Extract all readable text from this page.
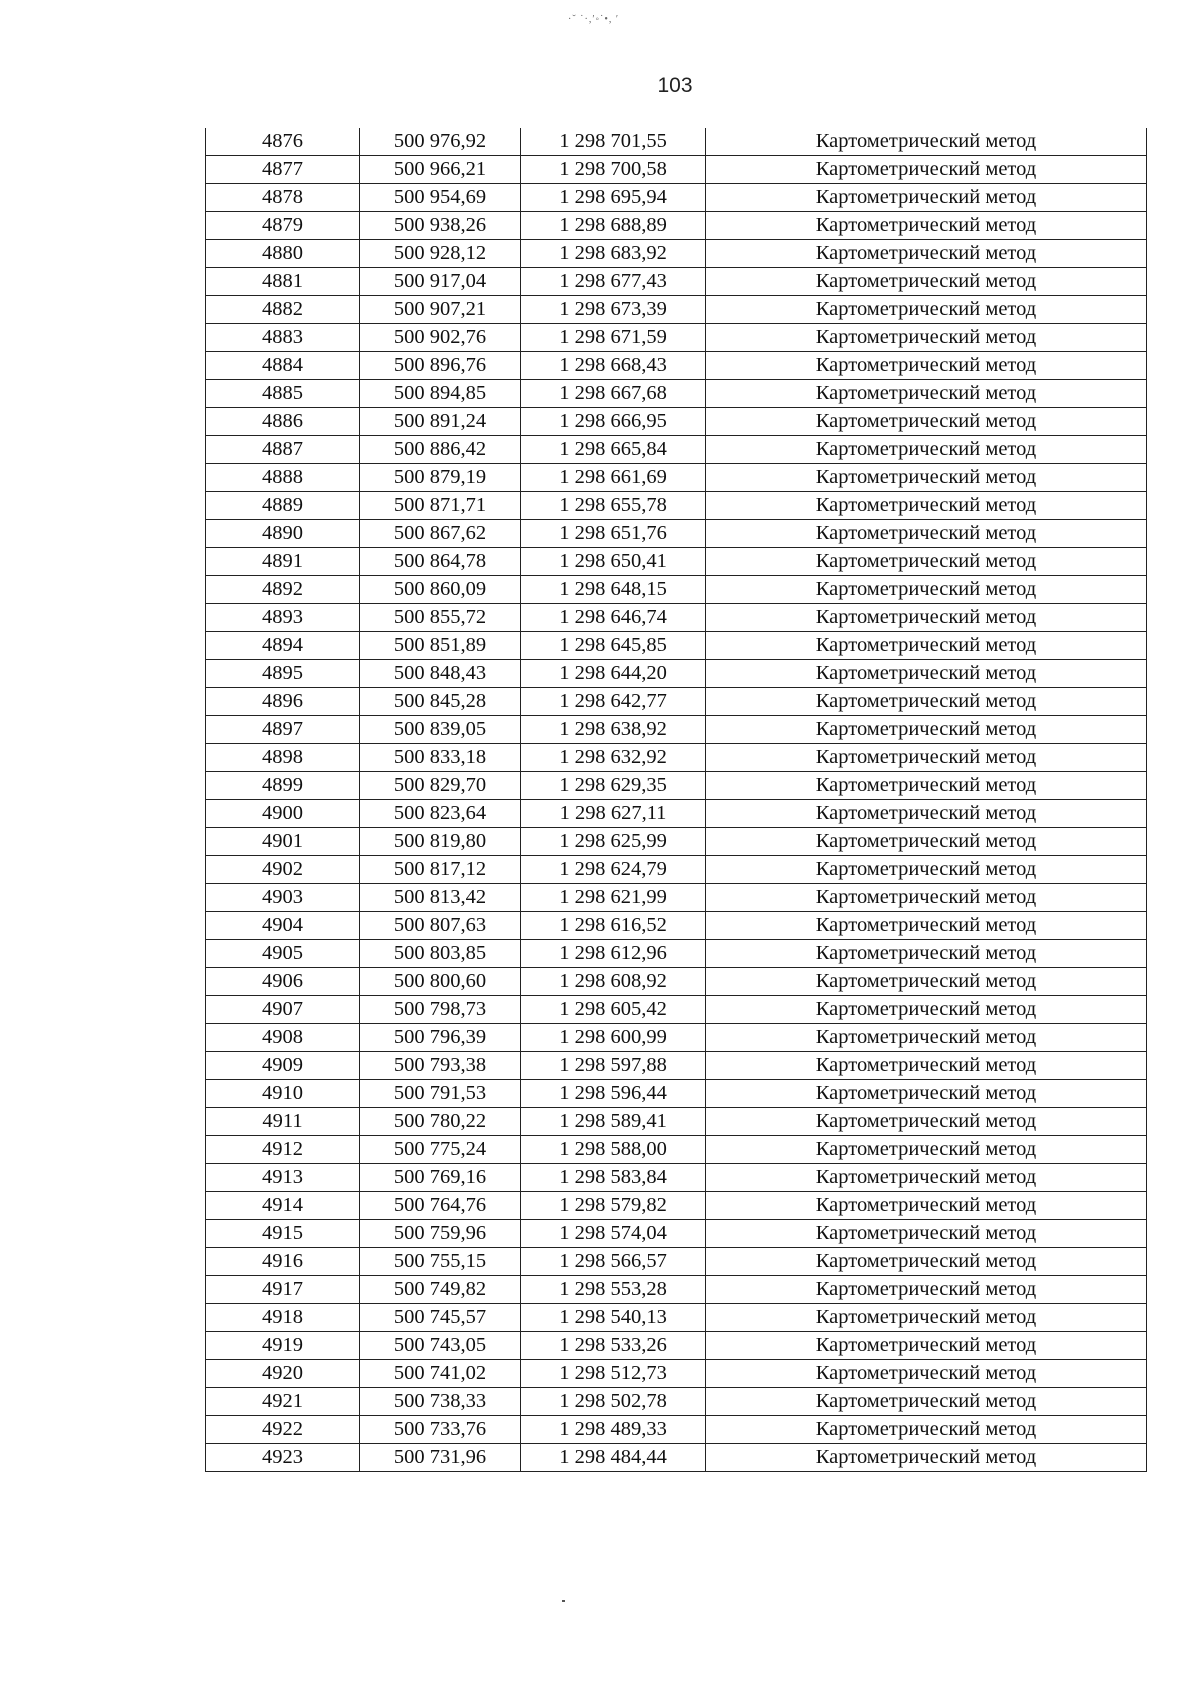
·˘ ˙·,ʹ◦˙•, ʹ
103
4876	500 976,92	1 298 701,55	Картометрический метод
4877	500 966,21	1 298 700,58	Картометрический метод
4878	500 954,69	1 298 695,94	Картометрический метод
4879	500 938,26	1 298 688,89	Картометрический метод
4880	500 928,12	1 298 683,92	Картометрический метод
4881	500 917,04	1 298 677,43	Картометрический метод
4882	500 907,21	1 298 673,39	Картометрический метод
4883	500 902,76	1 298 671,59	Картометрический метод
4884	500 896,76	1 298 668,43	Картометрический метод
4885	500 894,85	1 298 667,68	Картометрический метод
4886	500 891,24	1 298 666,95	Картометрический метод
4887	500 886,42	1 298 665,84	Картометрический метод
4888	500 879,19	1 298 661,69	Картометрический метод
4889	500 871,71	1 298 655,78	Картометрический метод
4890	500 867,62	1 298 651,76	Картометрический метод
4891	500 864,78	1 298 650,41	Картометрический метод
4892	500 860,09	1 298 648,15	Картометрический метод
4893	500 855,72	1 298 646,74	Картометрический метод
4894	500 851,89	1 298 645,85	Картометрический метод
4895	500 848,43	1 298 644,20	Картометрический метод
4896	500 845,28	1 298 642,77	Картометрический метод
4897	500 839,05	1 298 638,92	Картометрический метод
4898	500 833,18	1 298 632,92	Картометрический метод
4899	500 829,70	1 298 629,35	Картометрический метод
4900	500 823,64	1 298 627,11	Картометрический метод
4901	500 819,80	1 298 625,99	Картометрический метод
4902	500 817,12	1 298 624,79	Картометрический метод
4903	500 813,42	1 298 621,99	Картометрический метод
4904	500 807,63	1 298 616,52	Картометрический метод
4905	500 803,85	1 298 612,96	Картометрический метод
4906	500 800,60	1 298 608,92	Картометрический метод
4907	500 798,73	1 298 605,42	Картометрический метод
4908	500 796,39	1 298 600,99	Картометрический метод
4909	500 793,38	1 298 597,88	Картометрический метод
4910	500 791,53	1 298 596,44	Картометрический метод
4911	500 780,22	1 298 589,41	Картометрический метод
4912	500 775,24	1 298 588,00	Картометрический метод
4913	500 769,16	1 298 583,84	Картометрический метод
4914	500 764,76	1 298 579,82	Картометрический метод
4915	500 759,96	1 298 574,04	Картометрический метод
4916	500 755,15	1 298 566,57	Картометрический метод
4917	500 749,82	1 298 553,28	Картометрический метод
4918	500 745,57	1 298 540,13	Картометрический метод
4919	500 743,05	1 298 533,26	Картометрический метод
4920	500 741,02	1 298 512,73	Картометрический метод
4921	500 738,33	1 298 502,78	Картометрический метод
4922	500 733,76	1 298 489,33	Картометрический метод
4923	500 731,96	1 298 484,44	Картометрический метод
